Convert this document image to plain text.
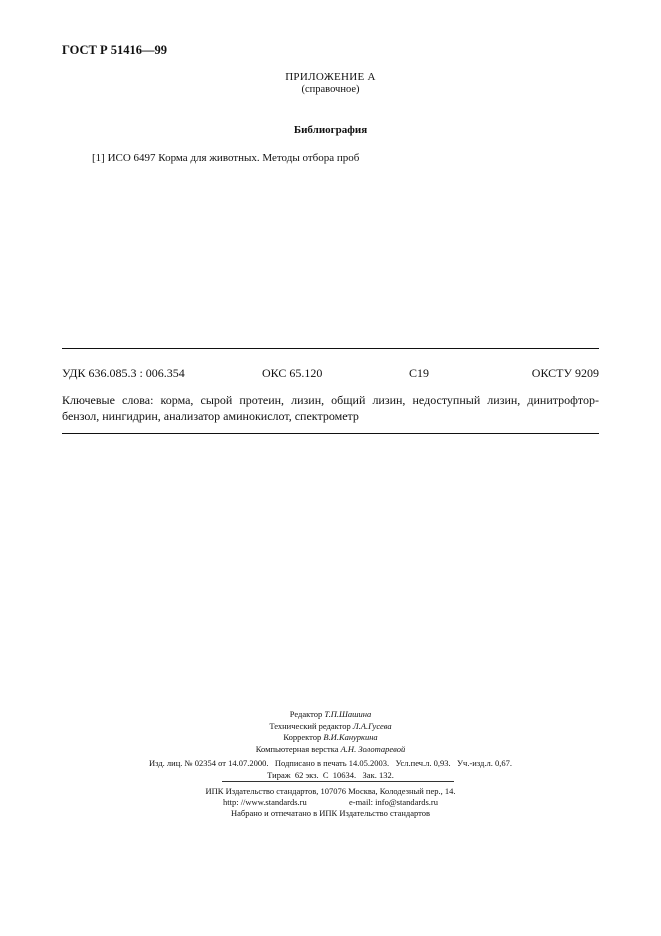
ГОСТ Р 51416—99
ПРИЛОЖЕНИЕ А
(справочное)
Библиография
[1] ИСО 6497 Корма для животных. Методы отбора проб
УДК 636.085.3 : 006.354	ОКС 65.120	С19	ОКСТУ 9209
Ключевые слова: корма, сырой протеин, лизин, общий лизин, недоступный лизин, динитрофтор-
бензол, нингидрин, анализатор аминокислот, спектрометр
Редактор Т.П.Шашина
Технический редактор Л.А.Гусева
Корректор В.И.Кануркина
Компьютерная верстка А.Н. Золотаревой
Изд. лиц. № 02354 от 14.07.2000.   Подписано в печать 14.05.2003.   Усл.печ.л. 0,93.   Уч.-изд.л. 0,67.
Тираж  62 экз.  С  10634.   Зак. 132.
ИПК Издательство стандартов, 107076 Москва, Колодезный пер., 14.
http: //www.standards.ru	e-mail: info@standards.ru
Набрано и отпечатано в ИПК Издательство стандартов
